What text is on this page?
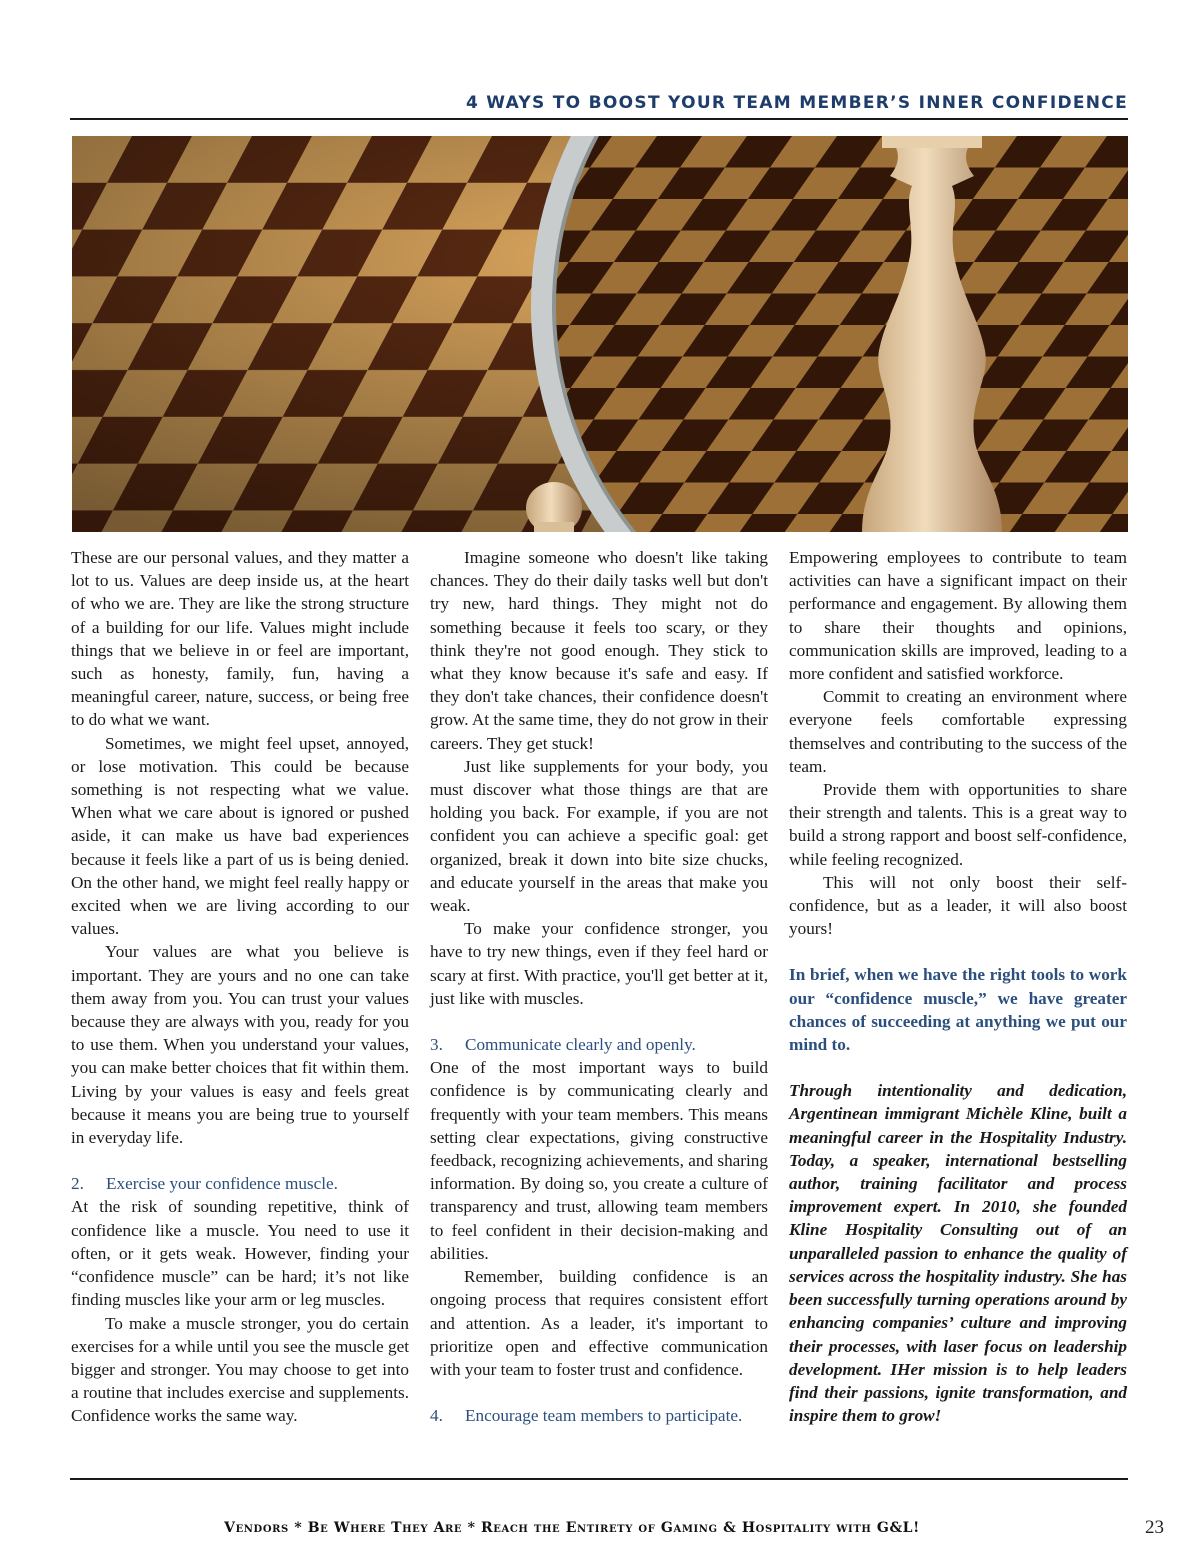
4 WAYS TO BOOST YOUR TEAM MEMBER’S INNER CONFIDENCE

These are our personal values, and they matter a lot to us. Values are deep inside us, at the heart of who we are. They are like the strong structure of a building for our life. Values might include things that we believe in or feel are important, such as honesty, family, fun, having a meaningful career, nature, success, or being free to do what we want.

Sometimes, we might feel upset, annoyed, or lose motivation. This could be because something is not respecting what we value. When what we care about is ignored or pushed aside, it can make us have bad experiences because it feels like a part of us is being denied. On the other hand, we might feel really happy or excited when we are living according to our values.

Your values are what you believe is important. They are yours and no one can take them away from you. You can trust your values because they are always with you, ready for you to use them. When you understand your values, you can make better choices that fit within them. Living by your values is easy and feels great because it means you are being true to yourself in everyday life.

2. Exercise your confidence muscle.

At the risk of sounding repetitive, think of confidence like a muscle. You need to use it often, or it gets weak. However, finding your “confidence muscle” can be hard; it’s not like finding muscles like your arm or leg muscles.

To make a muscle stronger, you do certain exercises for a while until you see the muscle get bigger and stronger. You may choose to get into a routine that includes exercise and supplements. Confidence works the same way.

Imagine someone who doesn't like taking chances. They do their daily tasks well but don't try new, hard things. They might not do something because it feels too scary, or they think they're not good enough. They stick to what they know because it's safe and easy. If they don't take chances, their confidence doesn't grow. At the same time, they do not grow in their careers. They get stuck!

Just like supplements for your body, you must discover what those things are that are holding you back. For example, if you are not confident you can achieve a specific goal: get organized, break it down into bite size chucks, and educate yourself in the areas that make you weak.

To make your confidence stronger, you have to try new things, even if they feel hard or scary at first. With practice, you'll get better at it, just like with muscles.

3. Communicate clearly and openly.

One of the most important ways to build confidence is by communicating clearly and frequently with your team members. This means setting clear expectations, giving constructive feedback, recognizing achievements, and sharing information. By doing so, you create a culture of transparency and trust, allowing team members to feel confident in their decision-making and abilities.

Remember, building confidence is an ongoing process that requires consistent effort and attention. As a leader, it's important to prioritize open and effective communication with your team to foster trust and confidence.

4. Encourage team members to participate.

Empowering employees to contribute to team activities can have a significant impact on their performance and engagement. By allowing them to share their thoughts and opinions, communication skills are improved, leading to a more confident and satisfied workforce.

Commit to creating an environment where everyone feels comfortable expressing themselves and contributing to the success of the team.

Provide them with opportunities to share their strength and talents. This is a great way to build a strong rapport and boost self-confidence, while feeling recognized.

This will not only boost their self-confidence, but as a leader, it will also boost yours!

In brief, when we have the right tools to work our “confidence muscle,” we have greater chances of succeeding at anything we put our mind to.

Through intentionality and dedication, Argentinean immigrant Michèle Kline, built a meaningful career in the Hospitality Industry. Today, a speaker, international bestselling author, training facilitator and process improvement expert. In 2010, she founded Kline Hospitality Consulting out of an unparalleled passion to enhance the quality of services across the hospitality industry. She has been successfully turning operations around by enhancing companies’ culture and improving their processes, with laser focus on leadership development. IHer mission is to help leaders find their passions, ignite transformation, and inspire them to grow!

Vendors * Be Where They Are * Reach the Entirety of Gaming & Hospitality with G&L!	23
